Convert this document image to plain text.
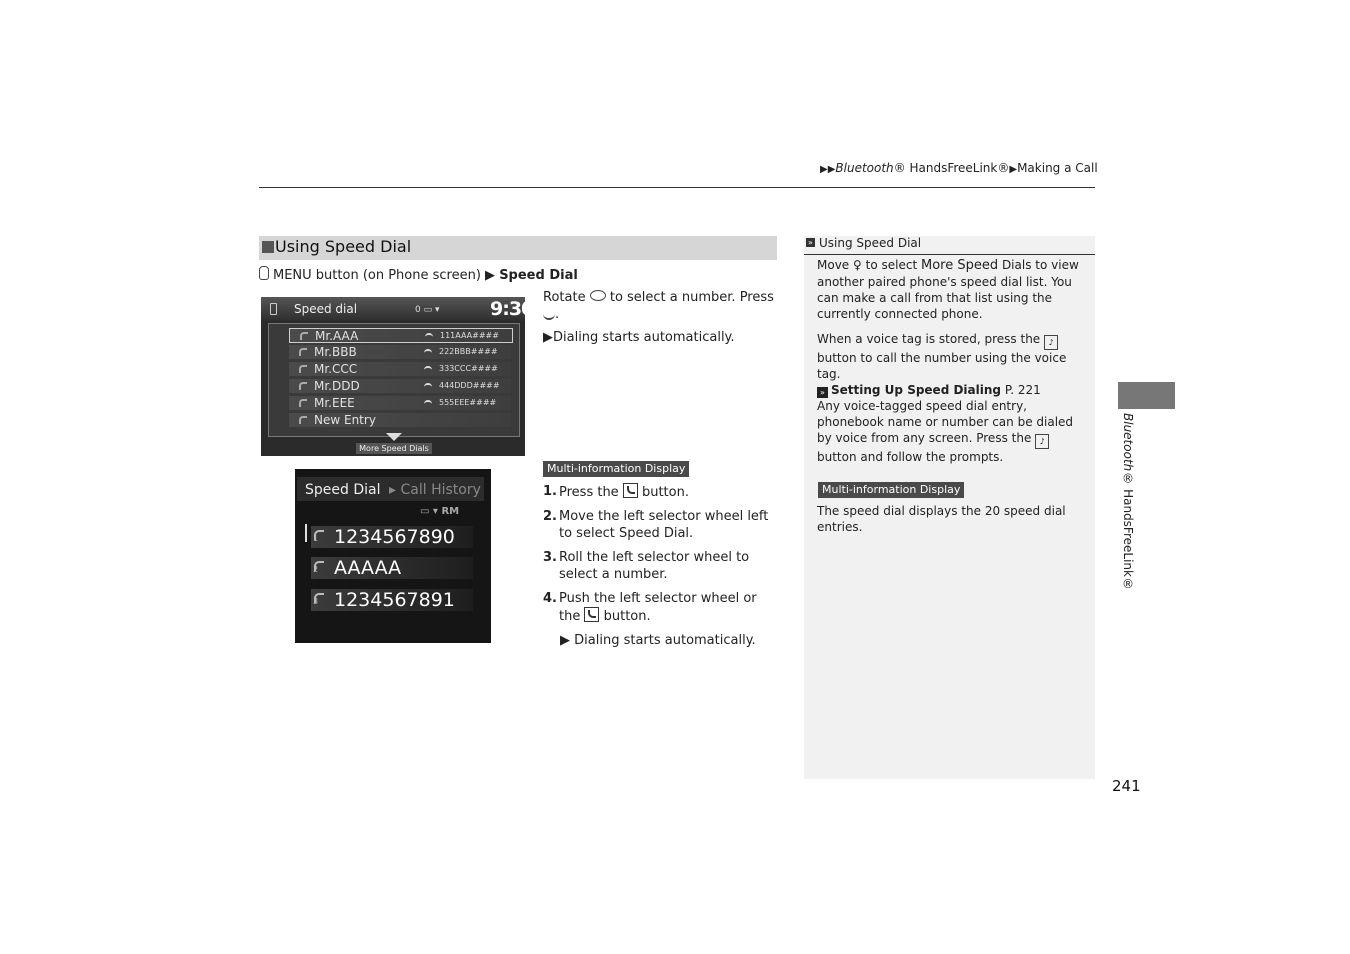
▶▶Bluetooth® HandsFreeLink®▶Making a Call
Using Speed Dial
MENU button (on Phone screen) ▶ Speed Dial
Speed dial	0 ▭ ▾	9:30
Mr.AAA	111AAA####
Mr.BBB	222BBB####
Mr.CCC	333CCC####
Mr.DDD	444DDD####
Mr.EEE	555EEE####
New Entry
More Speed Dials
Speed Dial ▸ Call History
▭ ▾ RM
1 1234567890
2 AAAAA
3 1234567891
Rotate to select a number. Press .
▶Dialing starts automatically.
Multi-information Display
1. Press the button.
2. Move the left selector wheel left to select Speed Dial.
3. Roll the left selector wheel to select a number.
4. Push the left selector wheel or the button.
▶ Dialing starts automatically.
» Using Speed Dial
Move ♀ to select More Speed Dials to view another paired phone's speed dial list. You can make a call from that list using the currently connected phone.
When a voice tag is stored, press the ♪ button to call the number using the voice tag.
» Setting Up Speed Dialing P. 221
Any voice-tagged speed dial entry, phonebook name or number can be dialed by voice from any screen. Press the ♪ button and follow the prompts.
Multi-information Display
The speed dial displays the 20 speed dial entries.
Bluetooth® HandsFreeLink®
241
